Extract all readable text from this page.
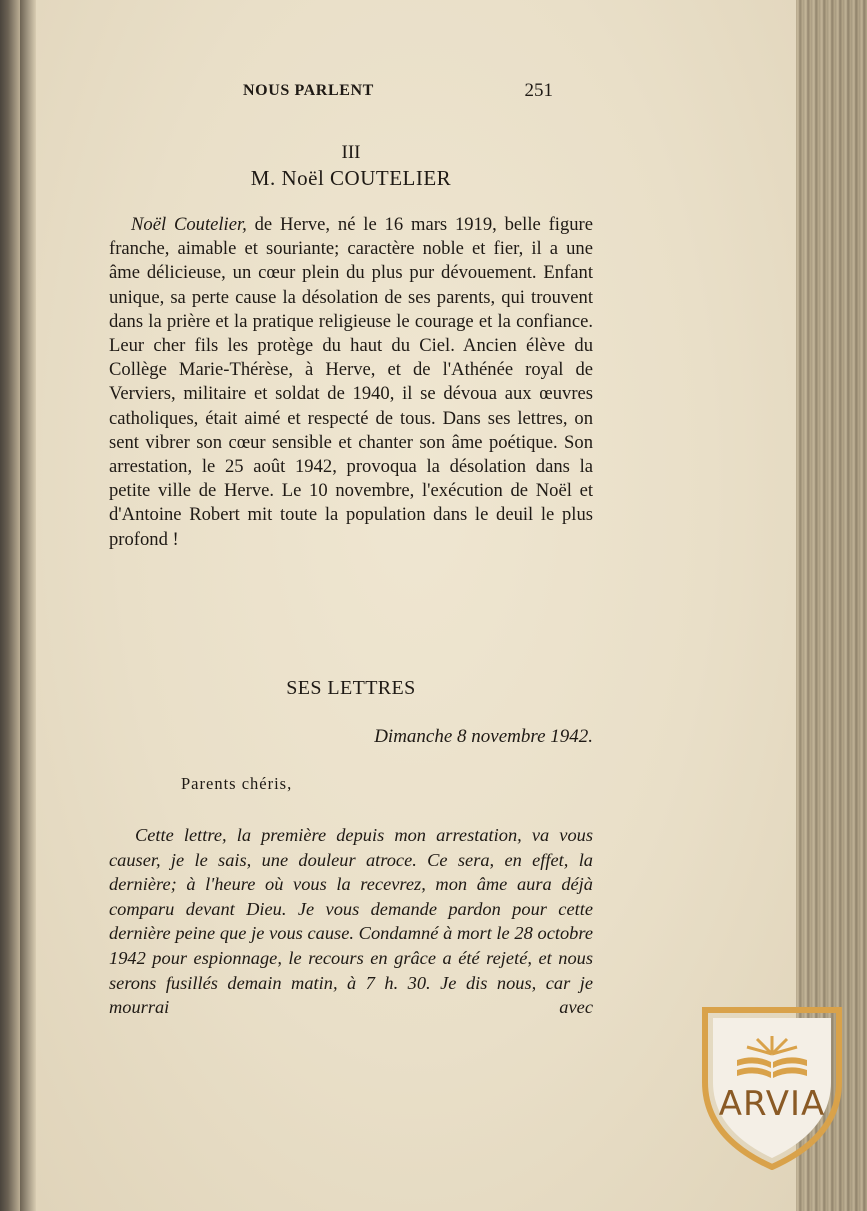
NOUS PARLENT	251
III
M. Noël COUTELIER

Noël Coutelier, de Herve, né le 16 mars 1919, belle figure franche, aimable et souriante; caractère noble et fier, il a une âme délicieuse, un cœur plein du plus pur dévouement. Enfant unique, sa perte cause la désolation de ses parents, qui trouvent dans la prière et la pratique religieuse le courage et la confiance. Leur cher fils les protège du haut du Ciel. Ancien élève du Collège Marie-Thérèse, à Herve, et de l'Athénée royal de Verviers, militaire et soldat de 1940, il se dévoua aux œuvres catholiques, était aimé et respecté de tous. Dans ses lettres, on sent vibrer son cœur sensible et chanter son âme poétique. Son arrestation, le 25 août 1942, provoqua la désolation dans la petite ville de Herve. Le 10 novembre, l'exécution de Noël et d'Antoine Robert mit toute la population dans le deuil le plus profond !

SES LETTRES
Dimanche 8 novembre 1942.
Parents chéris,

Cette lettre, la première depuis mon arrestation, va vous causer, je le sais, une douleur atroce. Ce sera, en effet, la dernière; à l'heure où vous la recevrez, mon âme aura déjà comparu devant Dieu. Je vous demande pardon pour cette dernière peine que je vous cause. Condamné à mort le 28 octobre 1942 pour espionnage, le recours en grâce a été rejeté, et nous serons fusillés demain matin, à 7 h. 30. Je dis nous, car je mourrai avec

ARVIA
